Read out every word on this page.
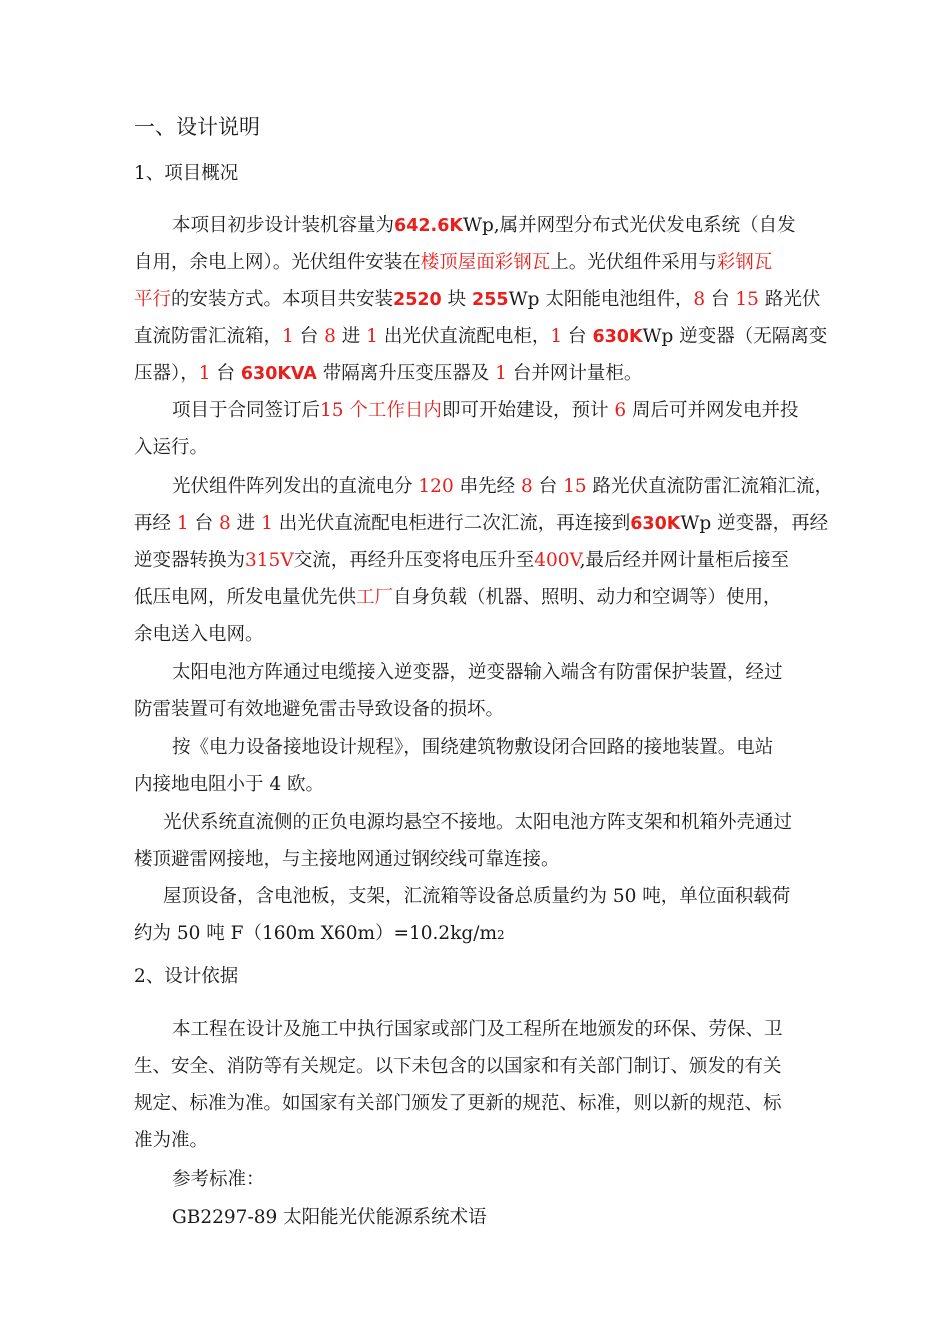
一、设计说明
1、项目概况
本项目初步设计装机容量为642.6KWp,属并网型分布式光伏发电系统（自发
自用，余电上网）。光伏组件安装在楼顶屋面彩钢瓦上。光伏组件采用与彩钢瓦
平行的安装方式。本项目共安装2520 块 255Wp 太阳能电池组件，8 台 15 路光伏
直流防雷汇流箱，1 台 8 进 1 出光伏直流配电柜，1 台 630KWp 逆变器（无隔离变
压器），1 台 630KVA 带隔离升压变压器及 1 台并网计量柜。
项目于合同签订后15 个工作日内即可开始建设，预计 6 周后可并网发电并投
入运行。
光伏组件阵列发出的直流电分 120 串先经 8 台 15 路光伏直流防雷汇流箱汇流，
再经 1 台 8 进 1 出光伏直流配电柜进行二次汇流，再连接到630KWp 逆变器，再经
逆变器转换为315V交流，再经升压变将电压升至400V,最后经并网计量柜后接至
低压电网，所发电量优先供工厂自身负载（机器、照明、动力和空调等）使用，
余电送入电网。
太阳电池方阵通过电缆接入逆变器，逆变器输入端含有防雷保护装置，经过
防雷装置可有效地避免雷击导致设备的损坏。
按《电力设备接地设计规程》，围绕建筑物敷设闭合回路的接地装置。电站
内接地电阻小于 4 欧。
光伏系统直流侧的正负电源均悬空不接地。太阳电池方阵支架和机箱外壳通过
楼顶避雷网接地，与主接地网通过钢绞线可靠连接。
屋顶设备，含电池板，支架，汇流箱等设备总质量约为 50 吨，单位面积载荷
约为 50 吨 F（160m X60m）=10.2kg/m2
2、设计依据
本工程在设计及施工中执行国家或部门及工程所在地颁发的环保、劳保、卫
生、安全、消防等有关规定。以下未包含的以国家和有关部门制订、颁发的有关
规定、标准为准。如国家有关部门颁发了更新的规范、标准，则以新的规范、标
准为准。
参考标准：
GB2297-89 太阳能光伏能源系统术语
